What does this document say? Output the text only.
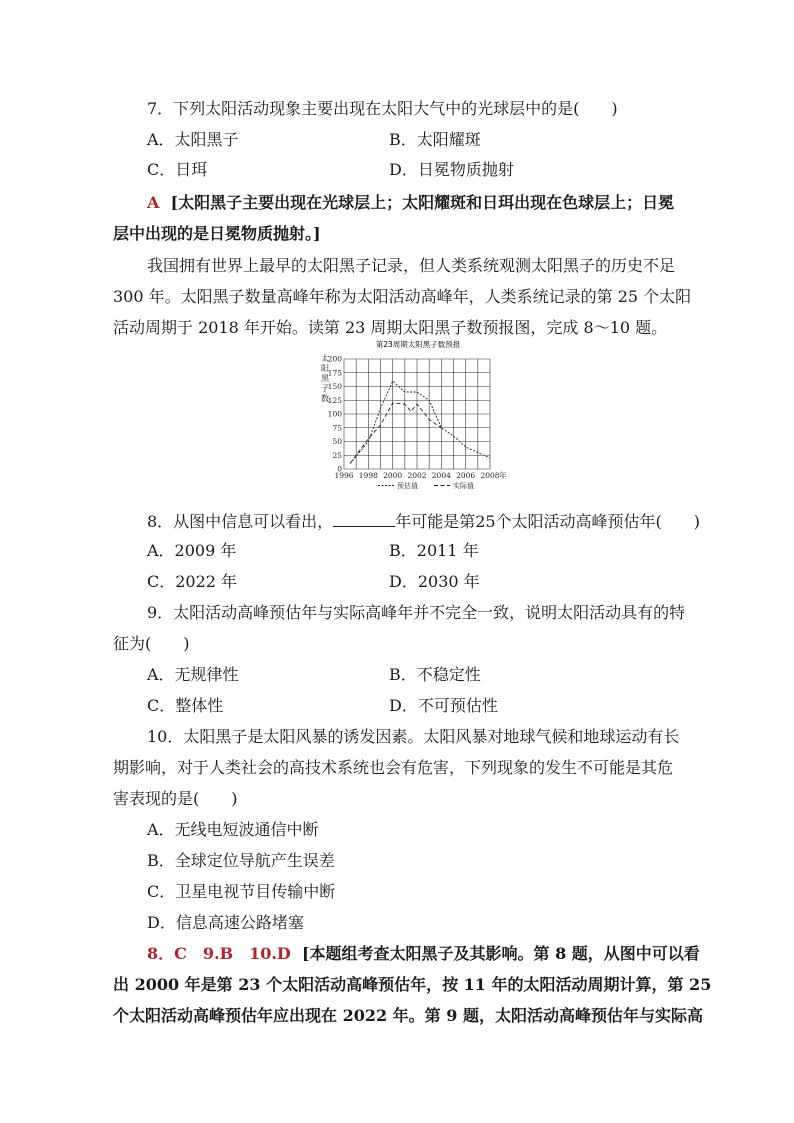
7．下列太阳活动现象主要出现在太阳大气中的光球层中的是(　　)
A．太阳黑子	B．太阳耀斑
C．日珥	D．日冕物质抛射
A [太阳黑子主要出现在光球层上；太阳耀斑和日珥出现在色球层上；日冕
层中出现的是日冕物质抛射。]
我国拥有世界上最早的太阳黑子记录，但人类系统观测太阳黑子的历史不足
300 年。太阳黑子数量高峰年称为太阳活动高峰年，人类系统记录的第 25 个太阳
活动周期于 2018 年开始。读第 23 周期太阳黑子数预报图，完成 8～10 题。
第23周期太阳黑子数预报
0
25
50
75
100
125
150
175
200
1996 1998 2000 2002 2004 2006 2008 年
太
阳
黑
子
数
预估值	实际值
8．从图中信息可以看出，	年可能是第25个太阳活动高峰预估年(　　)
A．2009 年	B．2011 年
C．2022 年	D．2030 年
9．太阳活动高峰预估年与实际高峰年并不完全一致，说明太阳活动具有的特
征为(　　)
A．无规律性	B．不稳定性
C．整体性	D．不可预估性
10．太阳黑子是太阳风暴的诱发因素。太阳风暴对地球气候和地球运动有长
期影响，对于人类社会的高技术系统也会有危害，下列现象的发生不可能是其危
害表现的是(　　)
A．无线电短波通信中断
B．全球定位导航产生误差
C．卫星电视节目传输中断
D．信息高速公路堵塞
8．C　9.B　10.D [本题组考查太阳黑子及其影响。第 8 题，从图中可以看
出 2000 年是第 23 个太阳活动高峰预估年，按 11 年的太阳活动周期计算，第 25
个太阳活动高峰预估年应出现在 2022 年。第 9 题，太阳活动高峰预估年与实际高
